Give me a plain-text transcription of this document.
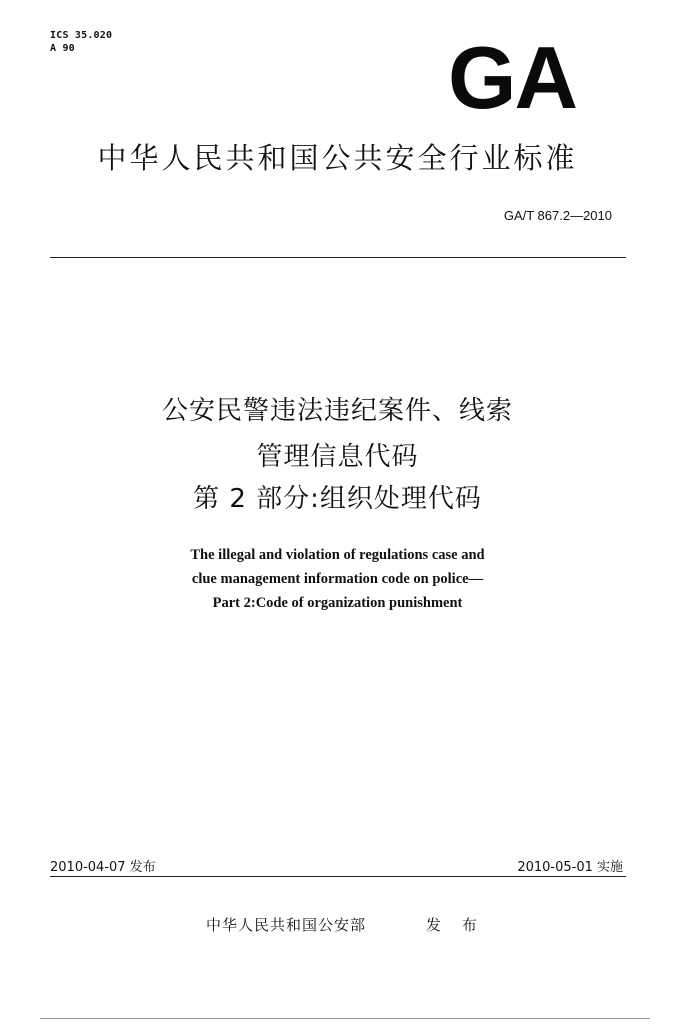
ICS 35.020
A 90	GA
中华人民共和国公共安全行业标准
GA/T 867.2—2010
公安民警违法违纪案件、线索
管理信息代码
第 2 部分:组织处理代码
The illegal and violation of regulations case and
clue management information code on police—
Part 2:Code of organization punishment
2010-04-07 发布	2010-05-01 实施
中华人民共和国公安部	发 布
